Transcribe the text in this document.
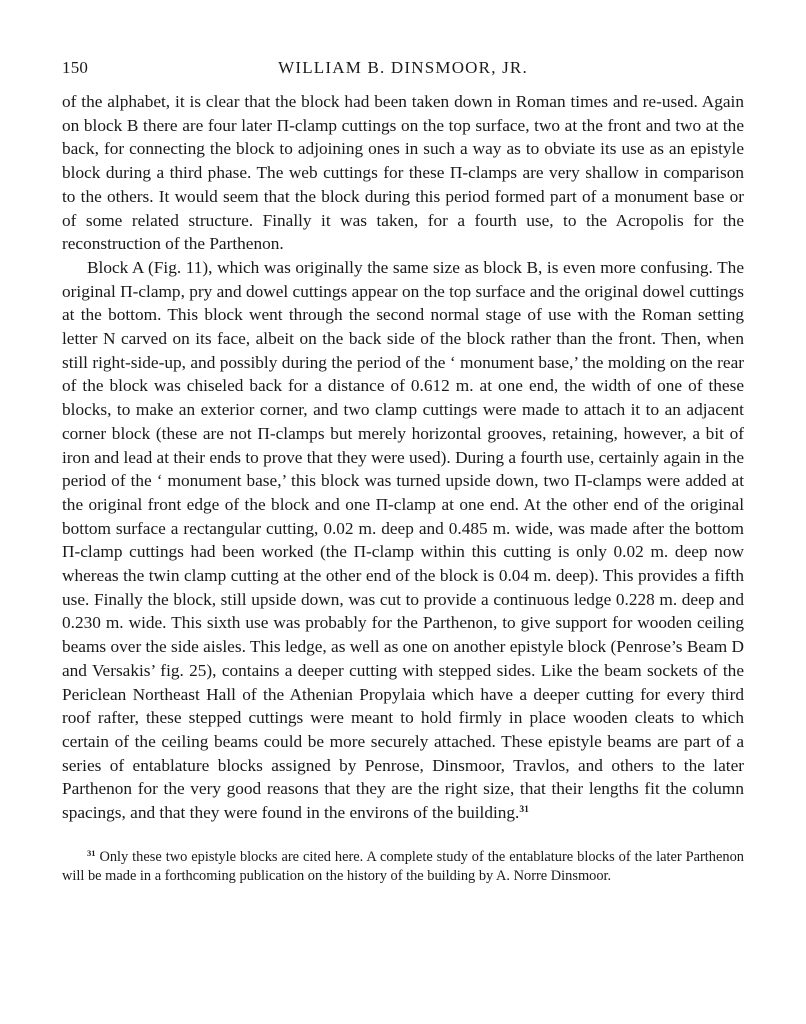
150	WILLIAM B. DINSMOOR, JR.

of the alphabet, it is clear that the block had been taken down in Roman times and re-used. Again on block B there are four later Π-clamp cuttings on the top surface, two at the front and two at the back, for connecting the block to adjoining ones in such a way as to obviate its use as an epistyle block during a third phase. The web cuttings for these Π-clamps are very shallow in comparison to the others. It would seem that the block during this period formed part of a monument base or of some related structure. Finally it was taken, for a fourth use, to the Acropolis for the reconstruction of the Parthenon.

Block A (Fig. 11), which was originally the same size as block B, is even more confusing. The original Π-clamp, pry and dowel cuttings appear on the top surface and the original dowel cuttings at the bottom. This block went through the second normal stage of use with the Roman setting letter N carved on its face, albeit on the back side of the block rather than the front. Then, when still right-side-up, and possibly during the period of the ‘ monument base,’ the molding on the rear of the block was chiseled back for a distance of 0.612 m. at one end, the width of one of these blocks, to make an exterior corner, and two clamp cuttings were made to attach it to an adjacent corner block (these are not Π-clamps but merely horizontal grooves, retaining, however, a bit of iron and lead at their ends to prove that they were used). During a fourth use, certainly again in the period of the ‘ monument base,’ this block was turned upside down, two Π-clamps were added at the original front edge of the block and one Π-clamp at one end. At the other end of the original bottom surface a rectangular cutting, 0.02 m. deep and 0.485 m. wide, was made after the bottom Π-clamp cuttings had been worked (the Π-clamp within this cutting is only 0.02 m. deep now whereas the twin clamp cutting at the other end of the block is 0.04 m. deep). This provides a fifth use. Finally the block, still upside down, was cut to provide a continuous ledge 0.228 m. deep and 0.230 m. wide. This sixth use was probably for the Parthenon, to give support for wooden ceiling beams over the side aisles. This ledge, as well as one on another epistyle block (Penrose’s Beam D and Versakis’ fig. 25), contains a deeper cutting with stepped sides. Like the beam sockets of the Periclean Northeast Hall of the Athenian Propylaia which have a deeper cutting for every third roof rafter, these stepped cuttings were meant to hold firmly in place wooden cleats to which certain of the ceiling beams could be more securely attached. These epistyle beams are part of a series of entablature blocks assigned by Penrose, Dinsmoor, Travlos, and others to the later Parthenon for the very good reasons that they are the right size, that their lengths fit the column spacings, and that they were found in the environs of the building.$^{31}$

$^{31}$ Only these two epistyle blocks are cited here. A complete study of the entablature blocks of the later Parthenon will be made in a forthcoming publication on the history of the building by A. Norre Dinsmoor.
